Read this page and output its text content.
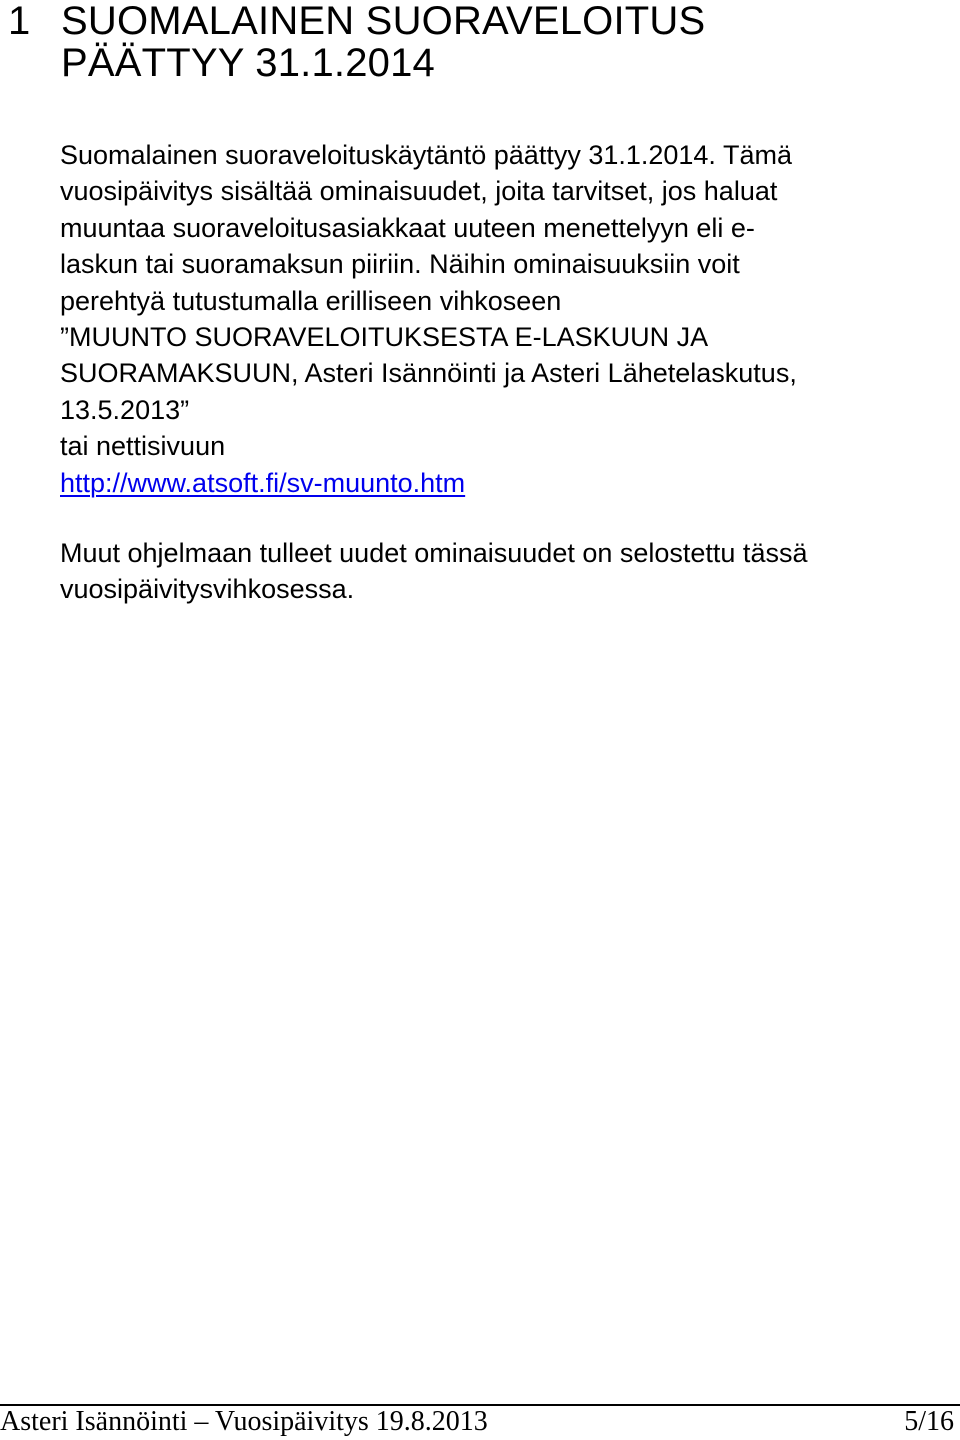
1 SUOMALAINEN SUORAVELOITUS
PÄÄTTYY 31.1.2014

Suomalainen suoraveloituskäytäntö päättyy 31.1.2014. Tämä
vuosipäivitys sisältää ominaisuudet, joita tarvitset, jos haluat
muuntaa suoraveloitusasiakkaat uuteen menettelyyn eli e-
laskun tai suoramaksun piiriin. Näihin ominaisuuksiin voit
perehtyä tutustumalla erilliseen vihkoseen
”MUUNTO SUORAVELOITUKSESTA E-LASKUUN JA
SUORAMAKSUUN, Asteri Isännöinti ja Asteri Lähetelaskutus,
13.5.2013”
tai nettisivuun
http://www.atsoft.fi/sv-muunto.htm

Muut ohjelmaan tulleet uudet ominaisuudet on selostettu tässä
vuosipäivitysvihkosessa.

Asteri Isännöinti – Vuosipäivitys 19.8.2013	5/16
